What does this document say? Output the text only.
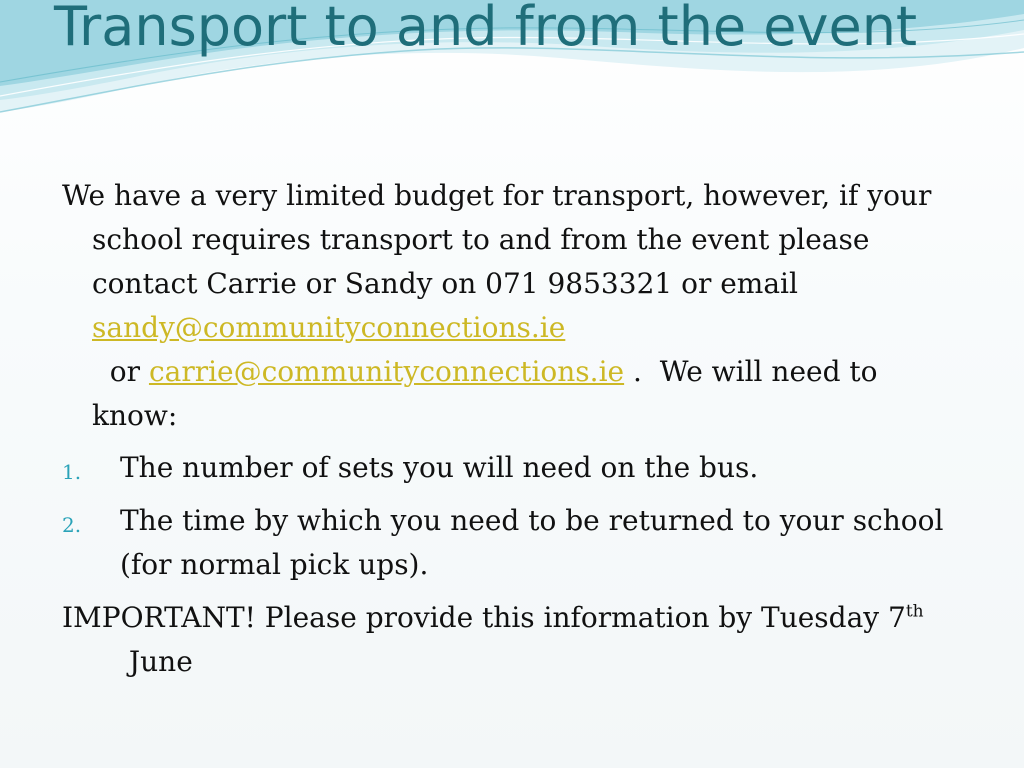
Transport to and from the event

We have a very limited budget for transport, however, if your school requires transport to and from the event please contact Carrie or Sandy on 071 9853321 or email sandy@communityconnections.ie  or carrie@communityconnections.ie .  We will need to know:

1. The number of sets you will need on the bus.
2. The time by which you need to be returned to your school (for normal pick ups).

IMPORTANT! Please provide this information by Tuesday 7th June
